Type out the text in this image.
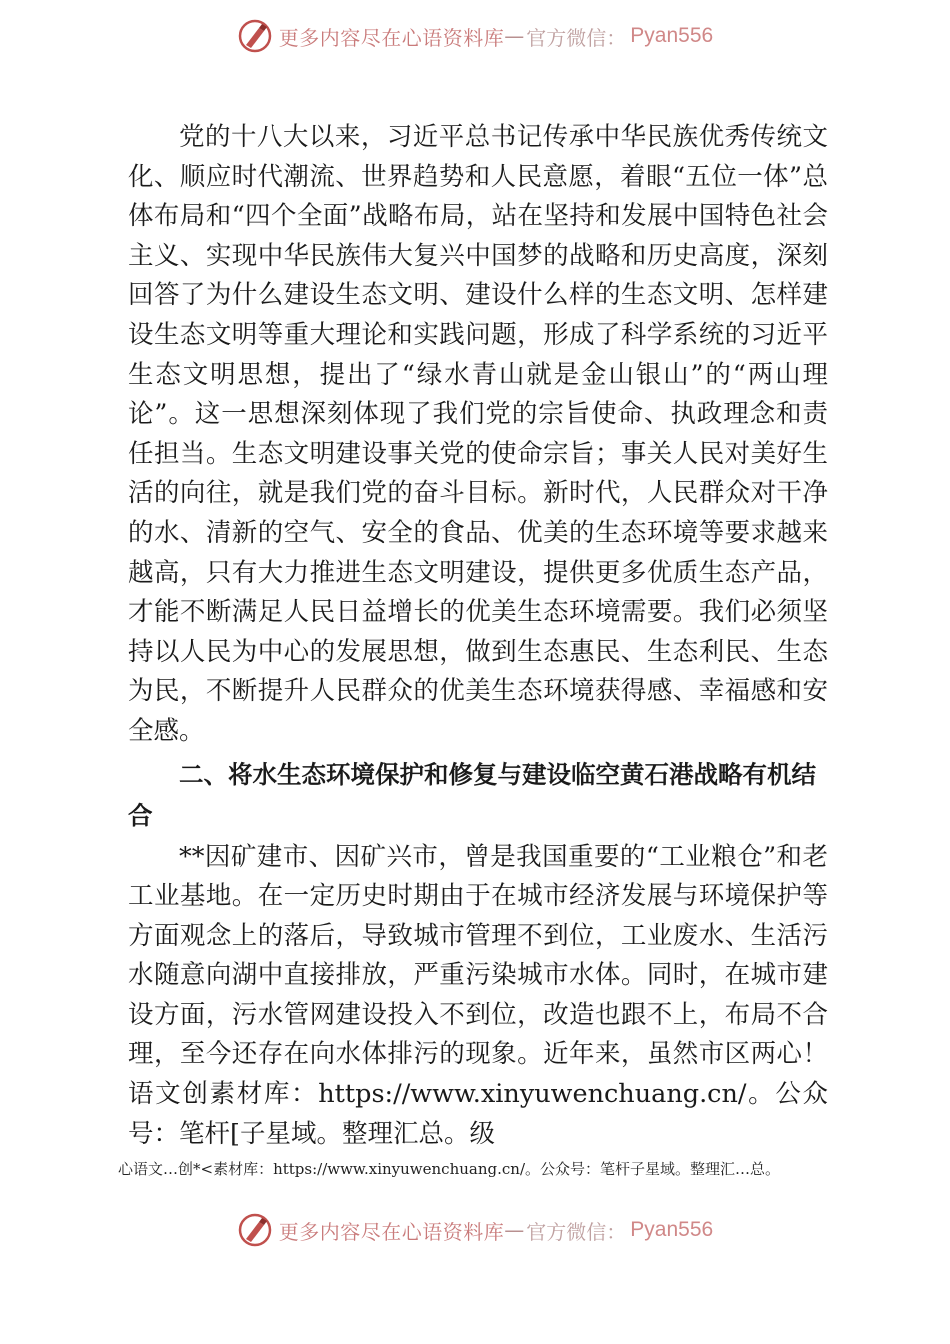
更多内容尽在心语资料库 — 官方微信： Pyan556

党的十八大以来，习近平总书记传承中华民族优秀传统文化、顺应时代潮流、世界趋势和人民意愿，着眼“五位一体”总体布局和“四个全面”战略布局，站在坚持和发展中国特色社会主义、实现中华民族伟大复兴中国梦的战略和历史高度，深刻回答了为什么建设生态文明、建设什么样的生态文明、怎样建设生态文明等重大理论和实践问题，形成了科学系统的习近平生态文明思想，提出了“绿水青山就是金山银山”的“两山理论”。这一思想深刻体现了我们党的宗旨使命、执政理念和责任担当。生态文明建设事关党的使命宗旨；事关人民对美好生活的向往，就是我们党的奋斗目标。新时代，人民群众对干净的水、清新的空气、安全的食品、优美的生态环境等要求越来越高，只有大力推进生态文明建设，提供更多优质生态产品，才能不断满足人民日益增长的优美生态环境需要。我们必须坚持以人民为中心的发展思想，做到生态惠民、生态利民、生态为民，不断提升人民群众的优美生态环境获得感、幸福感和安全感。

二、将水生态环境保护和修复与建设临空黄石港战略有机结合

**因矿建市、因矿兴市，曾是我国重要的“工业粮仓”和老工业基地。在一定历史时期由于在城市经济发展与环境保护等方面观念上的落后，导致城市管理不到位，工业废水、生活污水随意向湖中直接排放，严重污染城市水体。同时，在城市建设方面，污水管网建设投入不到位，改造也跟不上，布局不合理，至今还存在向水体排污的现象。近年来，虽然市区两心！语文创素材库：https://www.xinyuwenchuang.cn/。公众号：笔杆[子星域。整理汇总。级

心语文…创*<素材库：https://www.xinyuwenchuang.cn/。公众号：笔杆子星域。整理汇…总。
更多内容尽在心语资料库 — 官方微信： Pyan556
